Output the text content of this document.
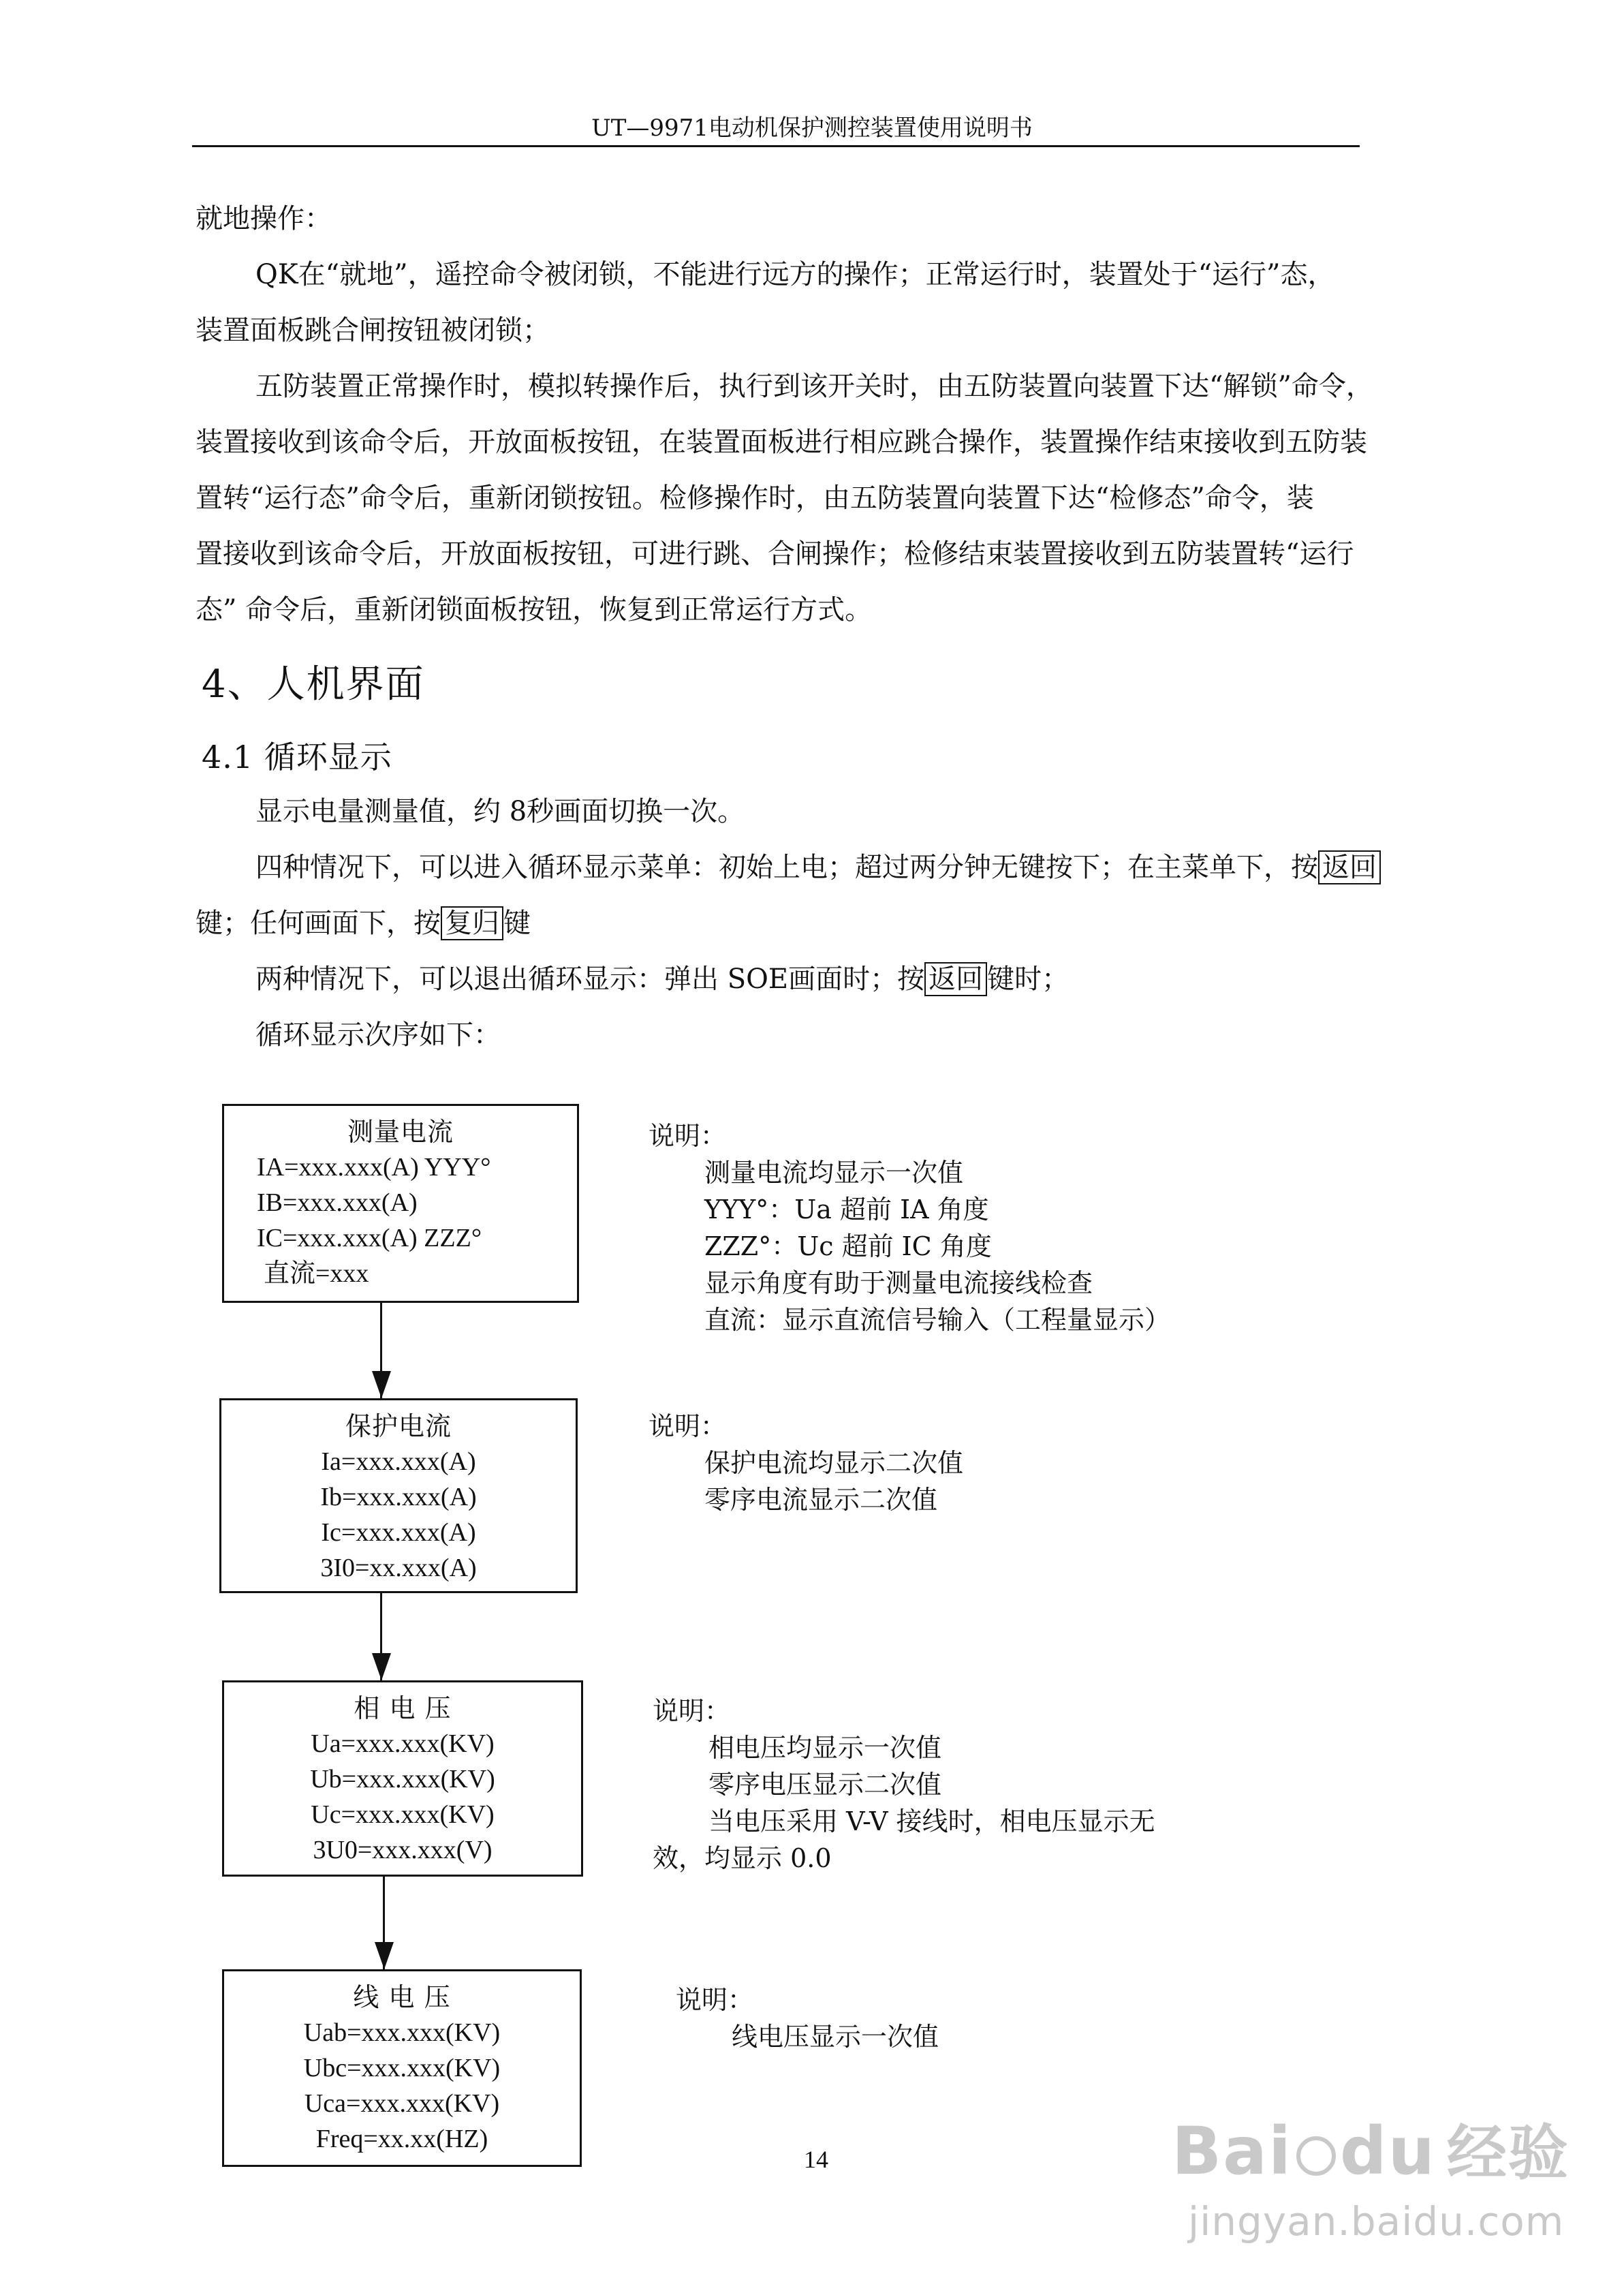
UT—9971电动机保护测控装置使用说明书
就地操作：
QK在“就地”，遥控命令被闭锁，不能进行远方的操作；正常运行时，装置处于“运行”态，
装置面板跳合闸按钮被闭锁；
五防装置正常操作时，模拟转操作后，执行到该开关时，由五防装置向装置下达“解锁”命令，
装置接收到该命令后，开放面板按钮，在装置面板进行相应跳合操作，装置操作结束接收到五防装
置转“运行态”命令后，重新闭锁按钮。检修操作时，由五防装置向装置下达“检修态”命令，装
置接收到该命令后，开放面板按钮，可进行跳、合闸操作；检修结束装置接收到五防装置转“运行
态” 命令后，重新闭锁面板按钮，恢复到正常运行方式。
4、人机界面
4.1 循环显示
显示电量测量值，约 8秒画面切换一次。
四种情况下，可以进入循环显示菜单：初始上电；超过两分钟无键按下；在主菜单下，按 返回
键；任何画面下，按 复归 键
两种情况下，可以退出循环显示：弹出 SOE画面时；按 返回 键时；
循环显示次序如下：
测量电流
IA=xxx.xxx(A) YYY°
IB=xxx.xxx(A)
IC=xxx.xxx(A) ZZZ°
直流=xxx
说明：
测量电流均显示一次值
YYY°：Ua 超前 IA 角度
ZZZ°：Uc 超前 IC 角度
显示角度有助于测量电流接线检查
直流：显示直流信号输入（工程量显示）
保护电流
Ia=xxx.xxx(A)
Ib=xxx.xxx(A)
Ic=xxx.xxx(A)
3I0=xx.xxx(A)
说明：
保护电流均显示二次值
零序电流显示二次值
相 电 压
Ua=xxx.xxx(KV)
Ub=xxx.xxx(KV)
Uc=xxx.xxx(KV)
3U0=xxx.xxx(V)
说明：
相电压均显示一次值
零序电压显示二次值
当电压采用 V-V 接线时，相电压显示无
效，均显示 0.0
线 电 压
Uab=xxx.xxx(KV)
Ubc=xxx.xxx(KV)
Uca=xxx.xxx(KV)
Freq=xx.xx(HZ)
说明：
线电压显示一次值
14	Bai du 经验
jingyan.baidu.com
